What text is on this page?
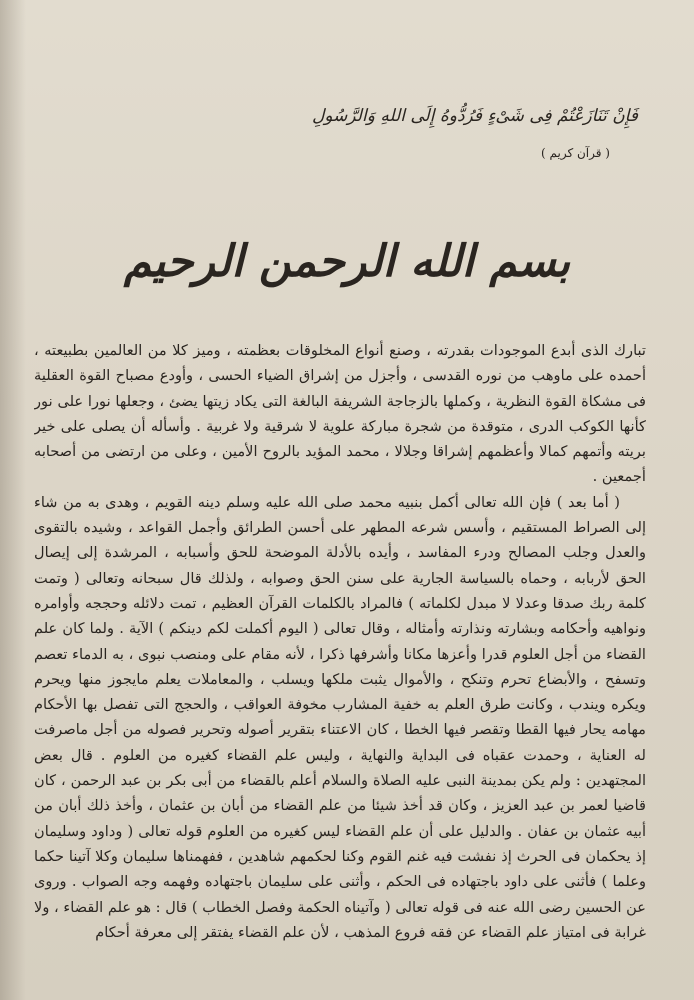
فَإِنْ تَنَازَعْتُمْ فِى شَىْءٍ فَرُدُّوهُ إِلَى اللهِ وَالرَّسُولِ
( قرآن كريم )
بسم الله الرحمن الرحيم

تبارك الذى أبدع الموجودات بقدرته ، وصنع أنواع المخلوقات بعظمته ، وميز كلا من العالمين بطبيعته ، أحمده على ماوهب من نوره القدسى ، وأجزل من إشراق الضياء الحسى ، وأودع مصباح القوة العقلية فى مشكاة القوة النظرية ، وكملها بالزجاجة الشريفة البالغة التى يكاد زيتها يضئ ، وجعلها نورا على نور كأنها الكوكب الدرى ، متوقدة من شجرة مباركة علوية لا شرقية ولا غربية . وأسأله أن يصلى على خير بريته وأتمهم كمالا وأعظمهم إشراقا وجلالا ، محمد المؤيد بالروح الأمين ، وعلى من ارتضى من أصحابه أجمعين .

( أما بعد ) فإن الله تعالى أكمل بنبيه محمد صلى الله عليه وسلم دينه القويم ، وهدى به من شاء إلى الصراط المستقيم ، وأسس شرعه المطهر على أحسن الطرائق وأجمل القواعد ، وشيده بالتقوى والعدل وجلب المصالح ودرء المفاسد ، وأيده بالأدلة الموضحة للحق وأسبابه ، المرشدة إلى إيصال الحق لأربابه ، وحماه بالسياسة الجارية على سنن الحق وصوابه ، ولذلك قال سبحانه وتعالى ( وتمت كلمة ربك صدقا وعدلا لا مبدل لكلماته ) فالمراد بالكلمات القرآن العظيم ، تمت دلائله وحججه وأوامره ونواهيه وأحكامه وبشارته ونذارته وأمثاله ، وقال تعالى ( اليوم أكملت لكم دينكم ) الآية . ولما كان علم القضاء من أجل العلوم قدرا وأعزها مكانا وأشرفها ذكرا ، لأنه مقام على ومنصب نبوى ، به الدماء تعصم وتسفح ، والأبضاع تحرم وتنكح ، والأموال يثبت ملكها ويسلب ، والمعاملات يعلم مايجوز منها ويحرم ويكره ويندب ، وكانت طرق العلم به خفية المشارب مخوفة العواقب ، والحجج التى تفصل بها الأحكام مهامه يحار فيها القطا وتقصر فيها الخطا ، كان الاعتناء بتقرير أصوله وتحرير فصوله من أجل ماصرفت له العناية ، وحمدت عقباه فى البداية والنهاية ، وليس علم القضاء كغيره من العلوم . قال بعض المجتهدين : ولم يكن بمدينة النبى عليه الصلاة والسلام أعلم بالقضاء من أبى بكر بن عبد الرحمن ، كان قاضيا لعمر بن عبد العزيز ، وكان قد أخذ شيئا من علم القضاء من أبان بن عثمان ، وأخذ ذلك أبان من أبيه عثمان بن عفان . والدليل على أن علم القضاء ليس كغيره من العلوم قوله تعالى ( وداود وسليمان إذ يحكمان فى الحرث إذ نفشت فيه غنم القوم وكنا لحكمهم شاهدين ، ففهمناها سليمان وكلا آتينا حكما وعلما ) فأثنى على داود باجتهاده فى الحكم ، وأثنى على سليمان باجتهاده وفهمه وجه الصواب . وروى عن الحسين رضى الله عنه فى قوله تعالى ( وآتيناه الحكمة وفصل الخطاب ) قال : هو علم القضاء ، ولا غرابة فى امتياز علم القضاء عن فقه فروع المذهب ، لأن علم القضاء يفتقر إلى معرفة أحكام
